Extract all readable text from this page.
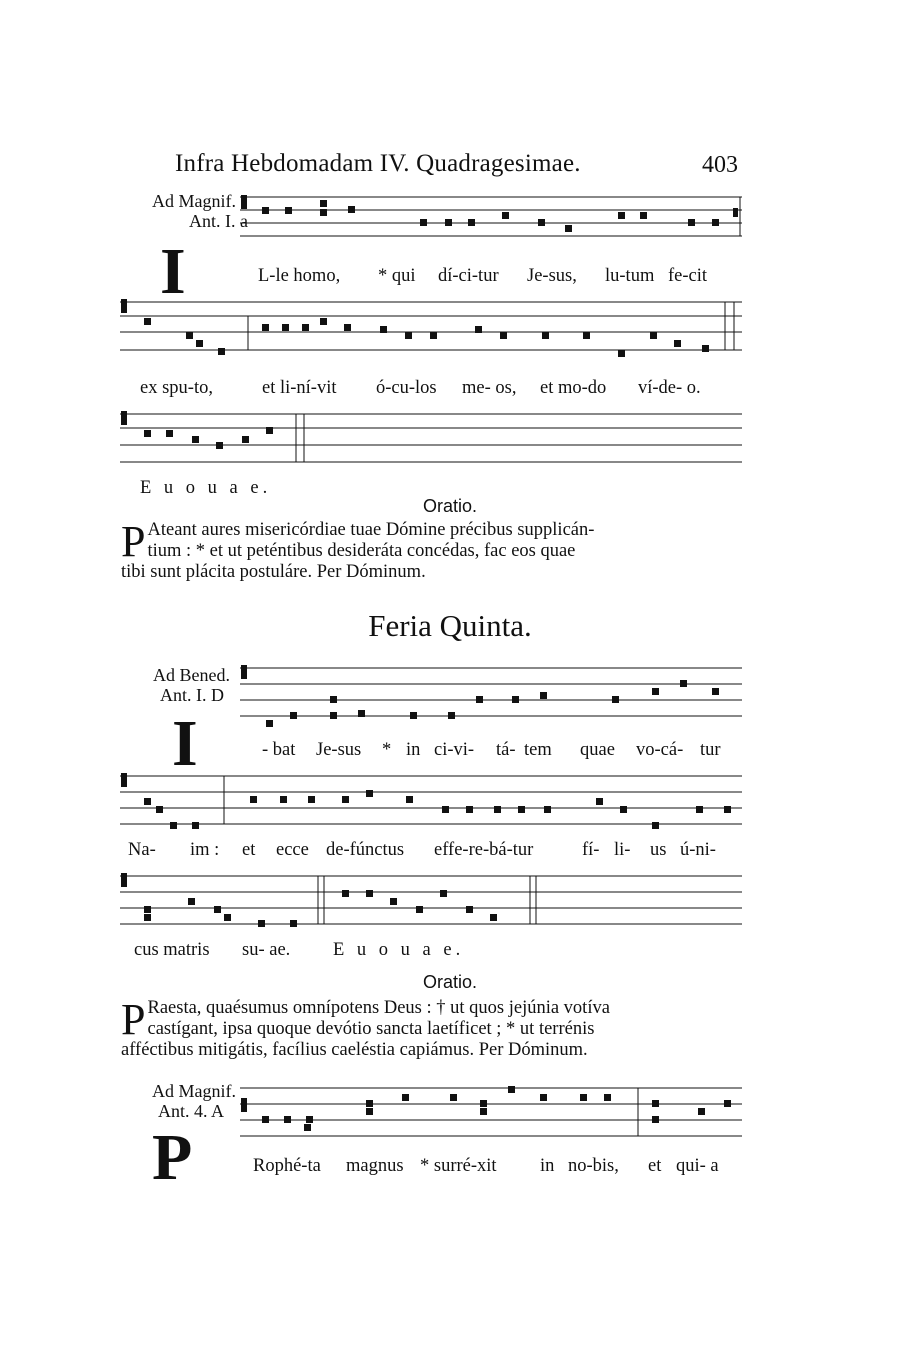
Infra Hebdomadam IV. Quadragesimae.	403
Ad Magnif.
Ant. I. a
I	L-le homo, * qui dí-ci-tur Je-sus, lu-tum fe-cit
ex spu-to,	et li-ní-vit ó-cu-los me- os, et mo-do ví-de- o.
E u o u a e.
Oratio.
P Ateant aures misericórdiae tuae Dómine précibus supplicán-
tium : * et ut peténtibus desideráta concédas, fac eos quae
tibi sunt plácita postuláre. Per Dóminum.
Feria Quinta.
Ad Bened.
Ant. I. D
I	- bat Je-sus * in ci-vi- tá- tem quae vo-cá- tur
Na- im : et ecce de-fúnctus effe-re-bá-tur	fí- li- us ú-ni-
cus matris su- ae. E u o u a e.
Oratio.
P Raesta, quaésumus omnípotens Deus : † ut quos jejúnia votíva
castígant, ipsa quoque devótio sancta laetíficet ; * ut terrénis
afféctibus mitigátis, facílius caeléstia capiámus. Per Dóminum.
Ad Magnif.
Ant. 4. A
P	Rophé-ta magnus * surré-xit in no-bis, et qui- a
